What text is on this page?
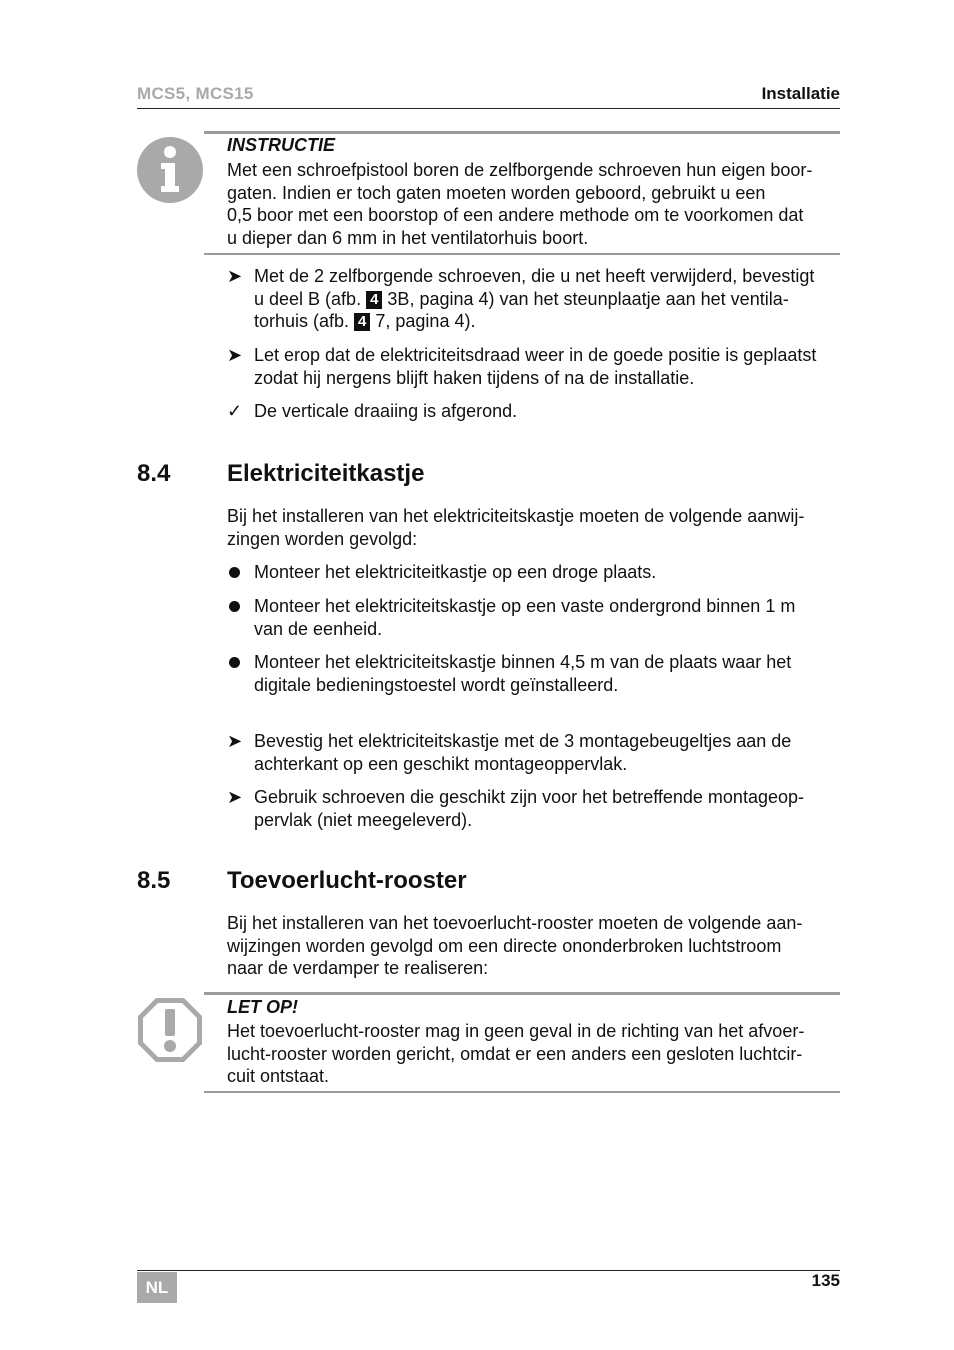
MCS5, MCS15	Installatie
INSTRUCTIE
Met een schroefpistool boren de zelfborgende schroeven hun eigen boor-
gaten. Indien er toch gaten moeten worden geboord, gebruikt u een
0,5 boor met een boorstop of een andere methode om te voorkomen dat
u dieper dan 6 mm in het ventilatorhuis boort.
➤ Met de 2 zelfborgende schroeven, die u net heeft verwijderd, bevestigt
u deel B (afb. 4 3B, pagina 4) van het steunplaatje aan het ventila-
torhuis (afb. 4 7, pagina 4).
➤ Let erop dat de elektriciteitsdraad weer in de goede positie is geplaatst
zodat hij nergens blijft haken tijdens of na de installatie.
✓ De verticale draaiing is afgerond.
8.4 Elektriciteitkastje
Bij het installeren van het elektriciteitskastje moeten de volgende aanwij-
zingen worden gevolgd:
Monteer het elektriciteitkastje op een droge plaats.
Monteer het elektriciteitskastje op een vaste ondergrond binnen 1 m
van de eenheid.
Monteer het elektriciteitskastje binnen 4,5 m van de plaats waar het
digitale bedieningstoestel wordt geïnstalleerd.
➤ Bevestig het elektriciteitskastje met de 3 montagebeugeltjes aan de
achterkant op een geschikt montageoppervlak.
➤ Gebruik schroeven die geschikt zijn voor het betreffende montageop-
pervlak (niet meegeleverd).
8.5 Toevoerlucht-rooster
Bij het installeren van het toevoerlucht-rooster moeten de volgende aan-
wijzingen worden gevolgd om een directe ononderbroken luchtstroom
naar de verdamper te realiseren:
LET OP!
Het toevoerlucht-rooster mag in geen geval in de richting van het afvoer-
lucht-rooster worden gericht, omdat er een anders een gesloten luchtcir-
cuit ontstaat.
NL	135
